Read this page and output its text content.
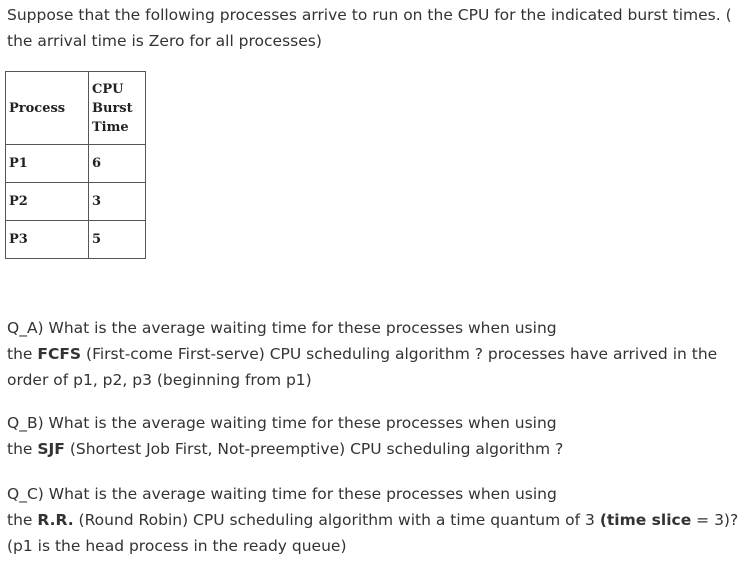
Suppose that the following processes arrive to run on the CPU for the indicated burst times. ( the arrival time is Zero for all processes)

Process	CPU Burst Time
P1	6
P2	3
P3	5
Q_A) What is the average waiting time for these processes when using
the FCFS (First-come First-serve) CPU scheduling algorithm ? processes have arrived in the order of p1, p2, p3 (beginning from p1)
Q_B) What is the average waiting time for these processes when using
the SJF (Shortest Job First, Not-preemptive) CPU scheduling algorithm ?
Q_C) What is the average waiting time for these processes when using
the R.R. (Round Robin) CPU scheduling algorithm with a time quantum of 3 (time slice = 3)? (p1 is the head process in the ready queue)
